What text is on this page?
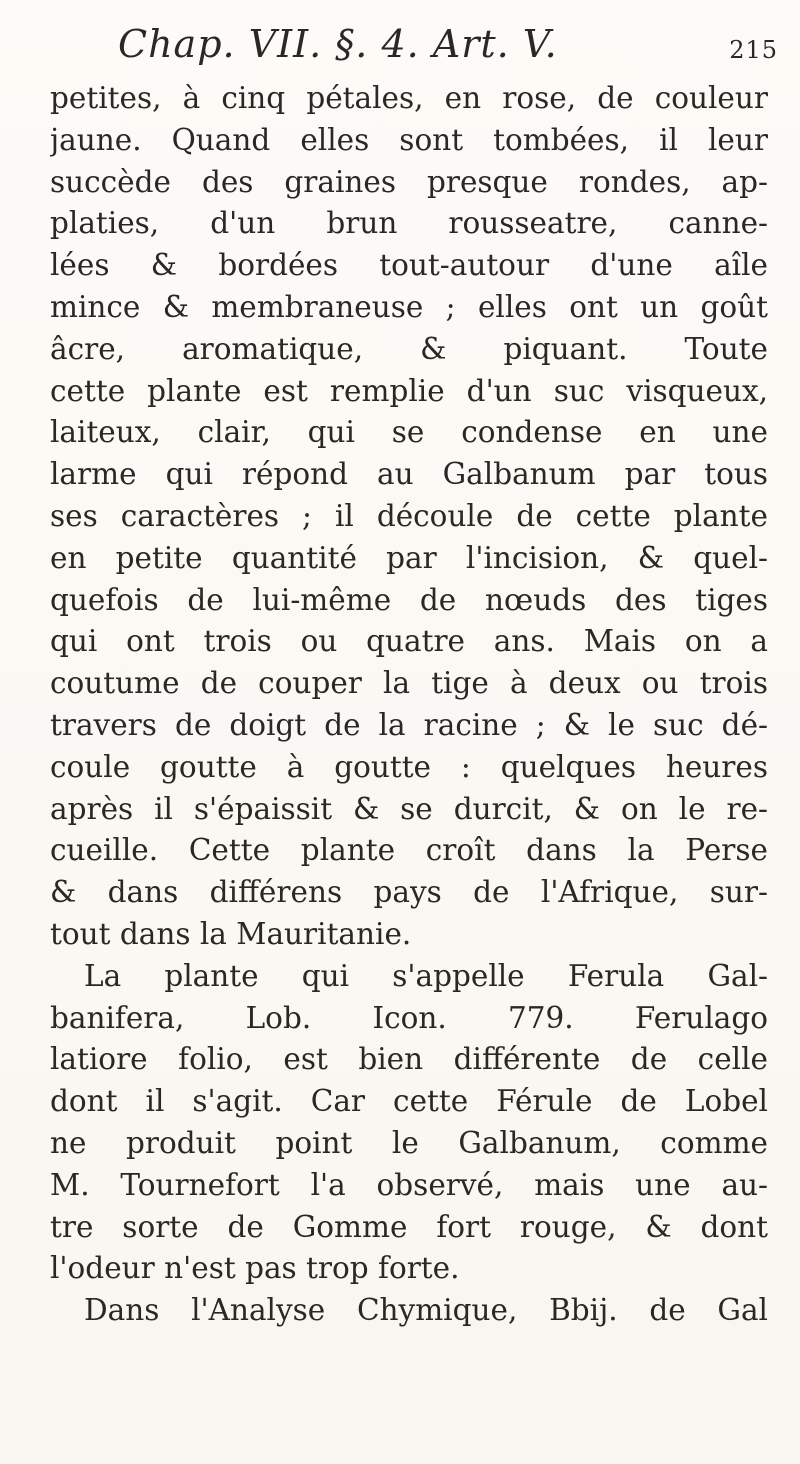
Chap. VII. §. 4. Art. V.	215
petites, à cinq pétales, en rose, de couleur
jaune. Quand elles sont tombées, il leur
succède des graines presque rondes, ap-
platies, d'un brun rousseatre, canne-
lées & bordées tout-autour d'une aîle
mince & membraneuse ; elles ont un goût
âcre, aromatique, & piquant. Toute
cette plante est remplie d'un suc visqueux,
laiteux, clair, qui se condense en une
larme qui répond au Galbanum par tous
ses caractères ; il découle de cette plante
en petite quantité par l'incision, & quel-
quefois de lui-même de nœuds des tiges
qui ont trois ou quatre ans. Mais on a
coutume de couper la tige à deux ou trois
travers de doigt de la racine ; & le suc dé-
coule goutte à goutte : quelques heures
après il s'épaissit & se durcit, & on le re-
cueille. Cette plante croît dans la Perse
& dans différens pays de l'Afrique, sur-
tout dans la Mauritanie.
La plante qui s'appelle Ferula Gal-
banifera, Lob. Icon. 779. Ferulago
latiore folio, est bien différente de celle
dont il s'agit. Car cette Férule de Lobel
ne produit point le Galbanum, comme
M. Tournefort l'a observé, mais une au-
tre sorte de Gomme fort rouge, & dont
l'odeur n'est pas trop forte.
Dans l'Analyse Chymique, Bbij. de Gal
